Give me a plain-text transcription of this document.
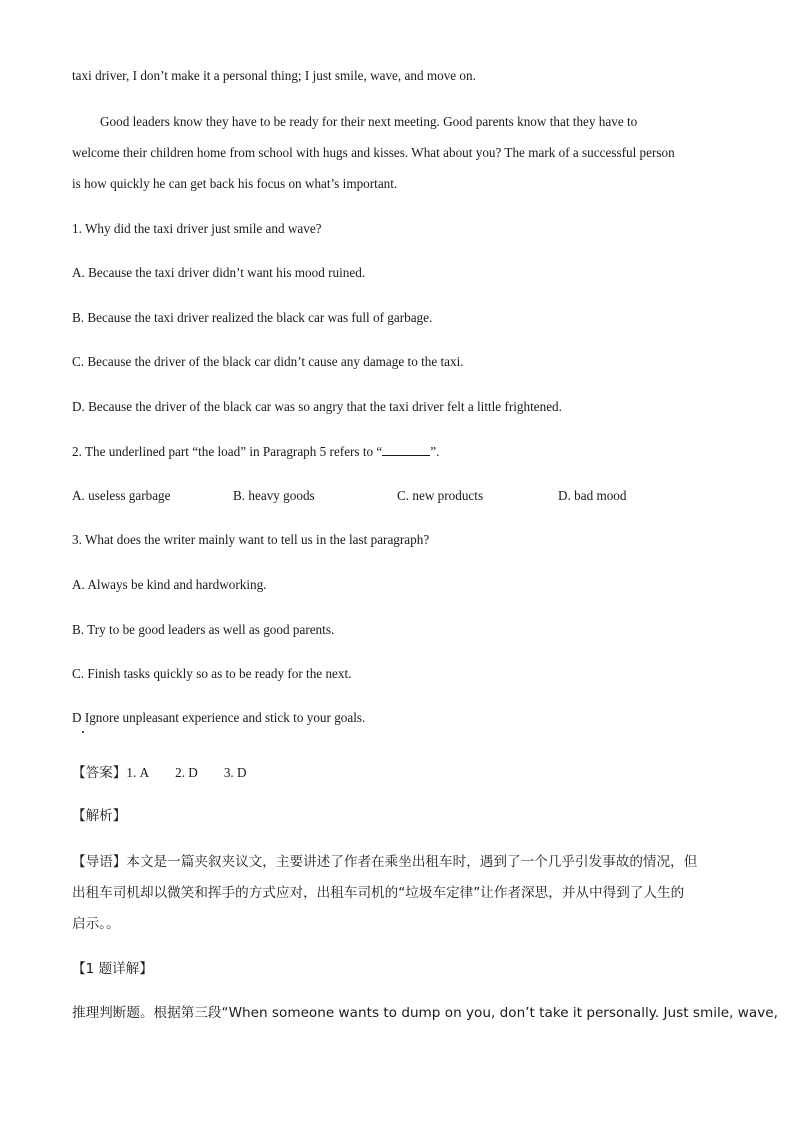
taxi driver, I don’t make it a personal thing; I just smile, wave, and move on.
Good leaders know they have to be ready for their next meeting. Good parents know that they have to
welcome their children home from school with hugs and kisses. What about you? The mark of a successful person
is how quickly he can get back his focus on what’s important.
1. Why did the taxi driver just smile and wave?
A. Because the taxi driver didn’t want his mood ruined.
B. Because the taxi driver realized the black car was full of garbage.
C. Because the driver of the black car didn’t cause any damage to the taxi.
D. Because the driver of the black car was so angry that the taxi driver felt a little frightened.
2. The underlined part “the load” in Paragraph 5 refers to “	”.
A. useless garbage	B. heavy goods	C. new products	D. bad mood
3. What does the writer mainly want to tell us in the last paragraph?
A. Always be kind and hardworking.
B. Try to be good leaders as well as good parents.
C. Finish tasks quickly so as to be ready for the next.
D Ignore unpleasant experience and stick to your goals.
【答案】1. A 2. D 3. D
【解析】
【导语】本文是一篇夹叙夹议文，主要讲述了作者在乘坐出租车时，遇到了一个几乎引发事故的情况，但
出租车司机却以微笑和挥手的方式应对，出租车司机的“垃圾车定律”让作者深思，并从中得到了人生的
启示。。
【1 题详解】
推理判断题。根据第三段“When someone wants to dump on you, don’t take it personally. Just smile, wave,
